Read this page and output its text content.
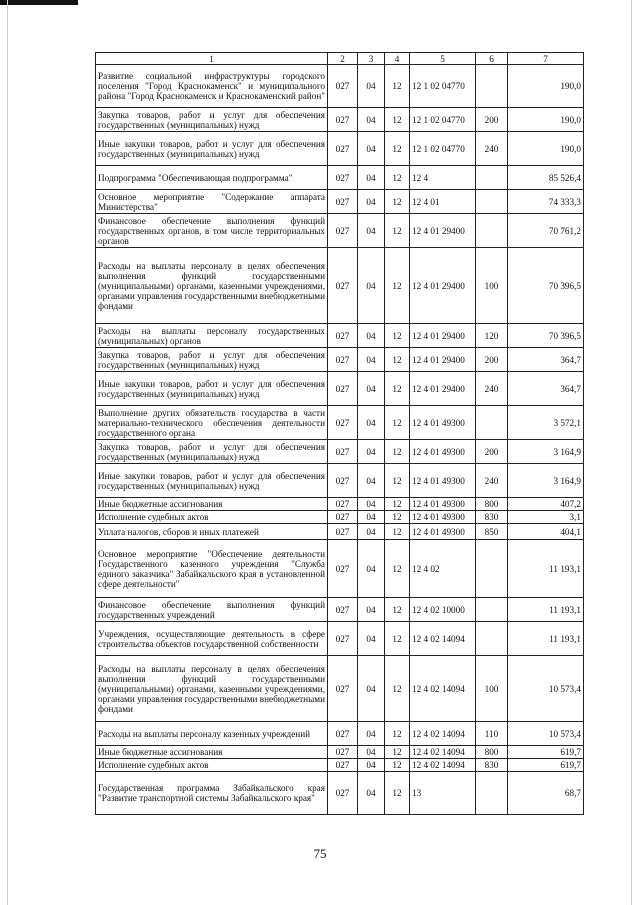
1	2	3	4	5	6	7
Развитие социальной инфраструктуры городского поселения "Город Краснокаменск" и муниципального района "Город Краснокаменск и Краснокаменский район"	027	04	12	12 1 02 04770		190,0
Закупка товаров, работ и услуг для обеспечения государственных (муниципальных) нужд	027	04	12	12 1 02 04770	200	190,0
Иные закупки товаров, работ и услуг для обеспечения государственных (муниципальных) нужд	027	04	12	12 1 02 04770	240	190,0
Подпрограмма "Обеспечивающая подпрограмма"	027	04	12	12 4		85 526,4
Основное мероприятие "Содержание аппарата Министерства"	027	04	12	12 4 01		74 333,3
Финансовое обеспечение выполнения функций государственных органов, в том числе территориальных органов	027	04	12	12 4 01 29400		70 761,2
Расходы на выплаты персоналу в целях обеспечения выполнения функций государственными (муниципальными) органами, казенными учреждениями, органами управления государственными внебюджетными фондами	027	04	12	12 4 01 29400	100	70 396,5
Расходы на выплаты персоналу государственных (муниципальных) органов	027	04	12	12 4 01 29400	120	70 396,5
Закупка товаров, работ и услуг для обеспечения государственных (муниципальных) нужд	027	04	12	12 4 01 29400	200	364,7
Иные закупки товаров, работ и услуг для обеспечения государственных (муниципальных) нужд	027	04	12	12 4 01 29400	240	364,7
Выполнение других обязательств государства в части материально-технического обеспечения деятельности государственного органа	027	04	12	12 4 01 49300		3 572,1
Закупка товаров, работ и услуг для обеспечения государственных (муниципальных) нужд	027	04	12	12 4 01 49300	200	3 164,9
Иные закупки товаров, работ и услуг для обеспечения государственных (муниципальных) нужд	027	04	12	12 4 01 49300	240	3 164,9
Иные бюджетные ассигнования	027	04	12	12 4 01 49300	800	407,2
Исполнение судебных актов	027	04	12	12 4 01 49300	830	3,1
Уплата налогов, сборов и иных платежей	027	04	12	12 4 01 49300	850	404,1
Основное мероприятие "Обеспечение деятельности Государственного казенного учреждения "Служба единого заказчика" Забайкальского края в установленной сфере деятельности"	027	04	12	12 4 02		11 193,1
Финансовое обеспечение выполнения функций государственных учреждений	027	04	12	12 4 02 10000		11 193,1
Учреждения, осуществляющие деятельность в сфере строительства объектов государственной собственности	027	04	12	12 4 02 14094		11 193,1
Расходы на выплаты персоналу в целях обеспечения выполнения функций государственными (муниципальными) органами, казенными учреждениями, органами управления государственными внебюджетными фондами	027	04	12	12 4 02 14094	100	10 573,4
Расходы на выплаты персоналу казенных учреждений	027	04	12	12 4 02 14094	110	10 573,4
Иные бюджетные ассигнования	027	04	12	12 4 02 14094	800	619,7
Исполнение судебных актов	027	04	12	12 4 02 14094	830	619,7
Государственная программа Забайкальского края "Развитие транспортной системы Забайкальского края"	027	04	12	13		68,7
75
